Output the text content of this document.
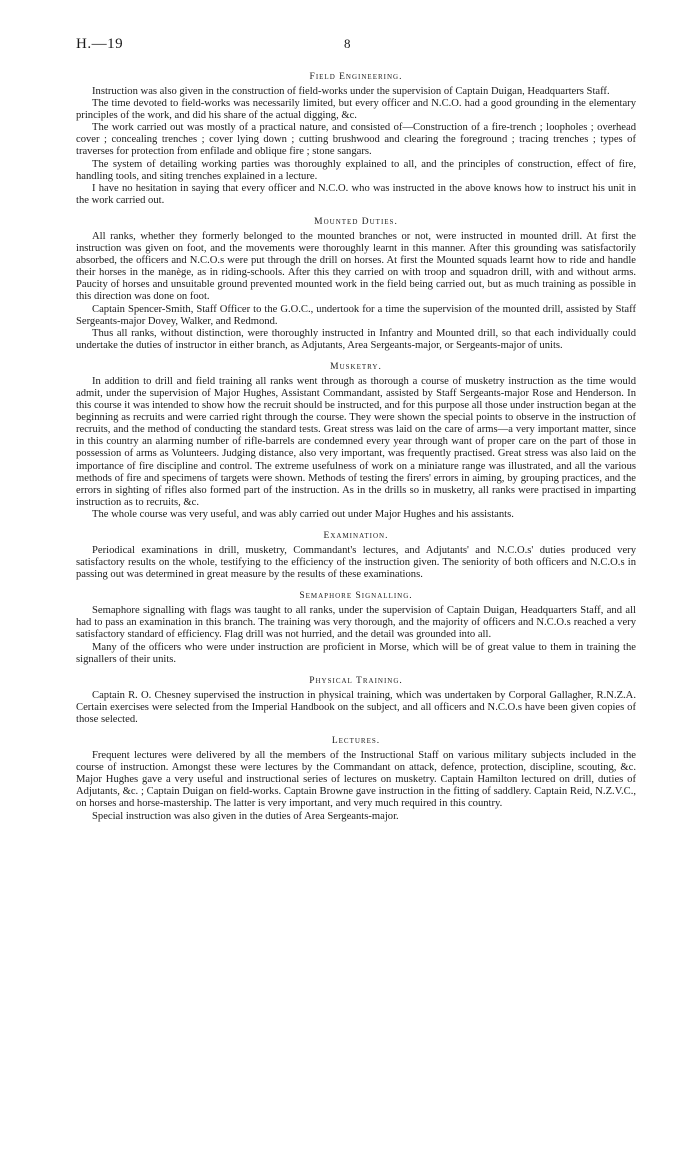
H.—19	8
Field Engineering.

Instruction was also given in the construction of field-works under the supervision of Captain Duigan, Headquarters Staff.

The time devoted to field-works was necessarily limited, but every officer and N.C.O. had a good grounding in the elementary principles of the work, and did his share of the actual digging, &c.

The work carried out was mostly of a practical nature, and consisted of—Construction of a fire-trench ; loopholes ; overhead cover ; concealing trenches ; cover lying down ; cutting brushwood and clearing the foreground ; tracing trenches ; types of traverses for protection from enfilade and oblique fire ; stone sangars.

The system of detailing working parties was thoroughly explained to all, and the principles of construction, effect of fire, handling tools, and siting trenches explained in a lecture.

I have no hesitation in saying that every officer and N.C.O. who was instructed in the above knows how to instruct his unit in the work carried out.

Mounted Duties.

All ranks, whether they formerly belonged to the mounted branches or not, were instructed in mounted drill. At first the instruction was given on foot, and the movements were thoroughly learnt in this manner. After this grounding was satisfactorily absorbed, the officers and N.C.O.s were put through the drill on horses. At first the Mounted squads learnt how to ride and handle their horses in the manège, as in riding-schools. After this they carried on with troop and squadron drill, with and without arms. Paucity of horses and unsuitable ground prevented mounted work in the field being carried out, but as much training as possible in this direction was done on foot.

Captain Spencer-Smith, Staff Officer to the G.O.C., undertook for a time the supervision of the mounted drill, assisted by Staff Sergeants-major Dovey, Walker, and Redmond.

Thus all ranks, without distinction, were thoroughly instructed in Infantry and Mounted drill, so that each individually could undertake the duties of instructor in either branch, as Adjutants, Area Sergeants-major, or Sergeants-major of units.

Musketry.

In addition to drill and field training all ranks went through as thorough a course of musketry instruction as the time would admit, under the supervision of Major Hughes, Assistant Commandant, assisted by Staff Sergeants-major Rose and Henderson. In this course it was intended to show how the recruit should be instructed, and for this purpose all those under instruction began at the beginning as recruits and were carried right through the course. They were shown the special points to observe in the instruction of recruits, and the method of conducting the standard tests. Great stress was laid on the care of arms—a very important matter, since in this country an alarming number of rifle-barrels are condemned every year through want of proper care on the part of those in possession of arms as Volunteers. Judging distance, also very important, was frequently practised. Great stress was also laid on the importance of fire discipline and control. The extreme usefulness of work on a miniature range was illustrated, and all the various methods of fire and specimens of targets were shown. Methods of testing the firers' errors in aiming, by grouping practices, and the errors in sighting of rifles also formed part of the instruction. As in the drills so in musketry, all ranks were practised in imparting instruction as to recruits, &c.

The whole course was very useful, and was ably carried out under Major Hughes and his assistants.

Examination.

Periodical examinations in drill, musketry, Commandant's lectures, and Adjutants' and N.C.O.s' duties produced very satisfactory results on the whole, testifying to the efficiency of the instruction given. The seniority of both officers and N.C.O.s in passing out was determined in great measure by the results of these examinations.

Semaphore Signalling.

Semaphore signalling with flags was taught to all ranks, under the supervision of Captain Duigan, Headquarters Staff, and all had to pass an examination in this branch. The training was very thorough, and the majority of officers and N.C.O.s reached a very satisfactory standard of efficiency. Flag drill was not hurried, and the detail was grounded into all.

Many of the officers who were under instruction are proficient in Morse, which will be of great value to them in training the signallers of their units.

Physical Training.

Captain R. O. Chesney supervised the instruction in physical training, which was undertaken by Corporal Gallagher, R.N.Z.A. Certain exercises were selected from the Imperial Handbook on the subject, and all officers and N.C.O.s have been given copies of those selected.

Lectures.

Frequent lectures were delivered by all the members of the Instructional Staff on various military subjects included in the course of instruction. Amongst these were lectures by the Commandant on attack, defence, protection, discipline, scouting, &c. Major Hughes gave a very useful and instructional series of lectures on musketry. Captain Hamilton lectured on drill, duties of Adjutants, &c. ; Captain Duigan on field-works. Captain Browne gave instruction in the fitting of saddlery. Captain Reid, N.Z.V.C., on horses and horse-mastership. The latter is very important, and very much required in this country.

Special instruction was also given in the duties of Area Sergeants-major.
